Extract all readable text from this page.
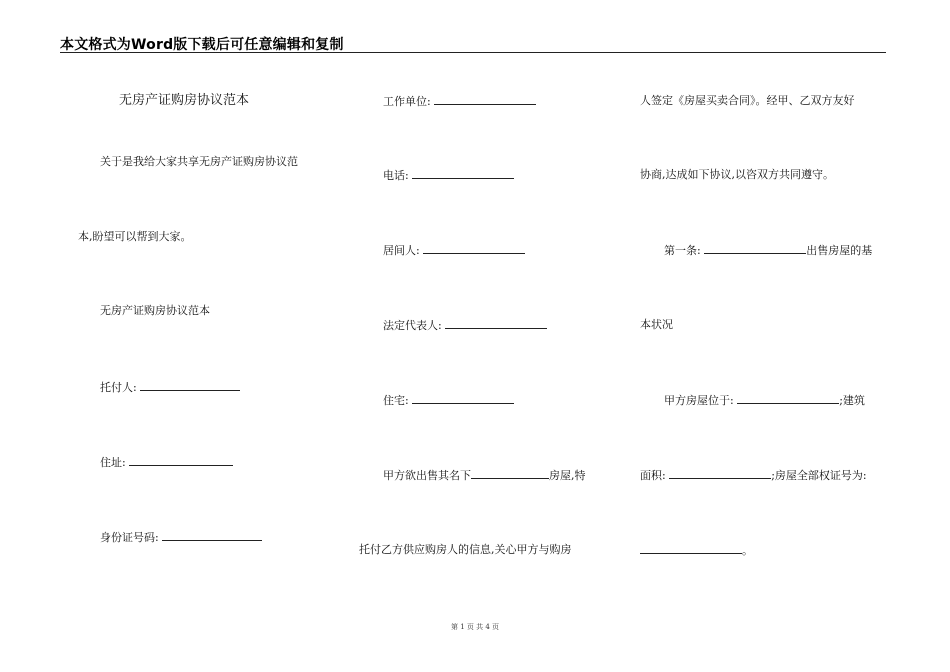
本文格式为Word版下载后可任意编辑和复制
无房产证购房协议范本
关于是我给大家共享无房产证购房协议范
本,盼望可以帮到大家。
无房产证购房协议范本
托付人:
住址:
身份证号码:
工作单位:
电话:
居间人:
法定代表人:
住宅:
甲方欲出售其名下	房屋,特
托付乙方供应购房人的信息,关心甲方与购房
人签定《房屋买卖合同》。经甲、乙双方友好
协商,达成如下协议,以咨双方共同遵守。
第一条:	出售房屋的基
本状况
甲方房屋位于:	;建筑
面积:	;房屋全部权证号为:
。
第 1 页 共 4 页
